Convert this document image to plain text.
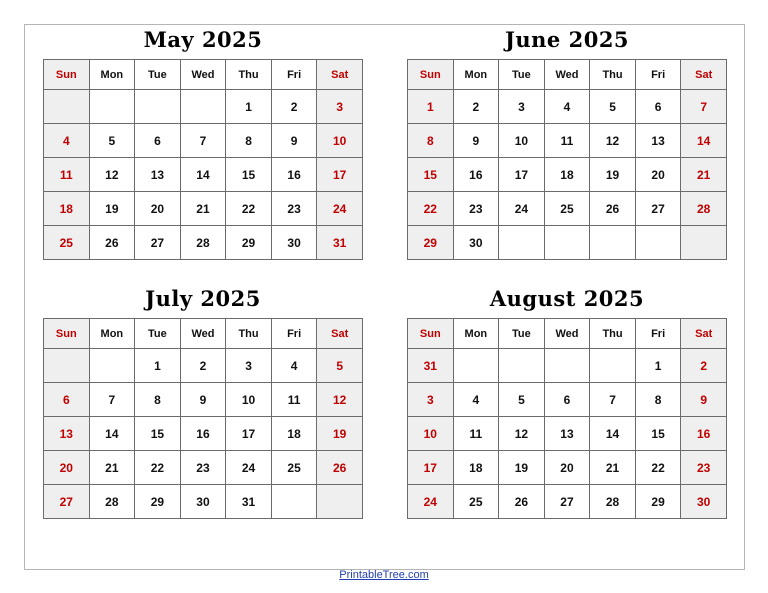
May 2025
Sun	Mon	Tue	Wed	Thu	Fri	Sat
				1	2	3
4	5	6	7	8	9	10
11	12	13	14	15	16	17
18	19	20	21	22	23	24
25	26	27	28	29	30	31
June 2025
Sun	Mon	Tue	Wed	Thu	Fri	Sat
1	2	3	4	5	6	7
8	9	10	11	12	13	14
15	16	17	18	19	20	21
22	23	24	25	26	27	28
29	30					
July 2025
Sun	Mon	Tue	Wed	Thu	Fri	Sat
		1	2	3	4	5
6	7	8	9	10	11	12
13	14	15	16	17	18	19
20	21	22	23	24	25	26
27	28	29	30	31		
August 2025
Sun	Mon	Tue	Wed	Thu	Fri	Sat
31					1	2
3	4	5	6	7	8	9
10	11	12	13	14	15	16
17	18	19	20	21	22	23
24	25	26	27	28	29	30
PrintableTree.com
